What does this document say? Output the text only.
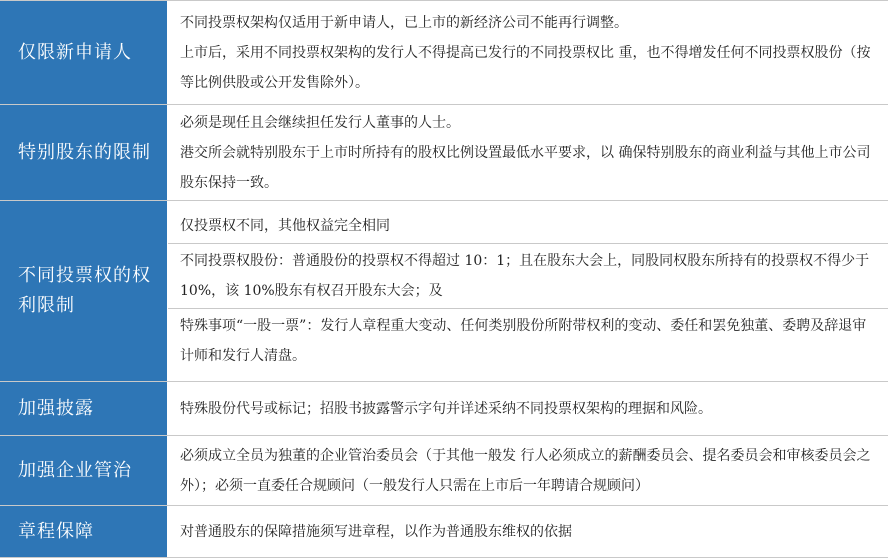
仅限新申请人

不同投票权架构仅适用于新申请人，已上市的新经济公司不能再行调整。

上市后，采用不同投票权架构的发行人不得提高已发行的不同投票权比 重，也不得增发任何不同投票权股份（按等比例供股或公开发售除外）。

特别股东的限制

必须是现任且会继续担任发行人董事的人士。

港交所会就特别股东于上市时所持有的股权比例设置最低水平要求，以 确保特别股东的商业利益与其他上市公司股东保持一致。

不同投票权的权利限制

仅投票权不同，其他权益完全相同

不同投票权股份：普通股份的投票权不得超过 10：1；且在股东大会上，同股同权股东所持有的投票权不得少于 10%，该 10%股东有权召开股东大会；及

特殊事项“一股一票”：发行人章程重大变动、任何类别股份所附带权利的变动、委任和罢免独董、委聘及辞退审计师和发行人清盘。

加强披露	特殊股份代号或标记；招股书披露警示字句并详述采纳不同投票权架构的理据和风险。

加强企业管治

必须成立全员为独董的企业管治委员会（于其他一般发 行人必须成立的薪酬委员会、提名委员会和审核委员会之外）；必须一直委任合规顾问（一般发行人只需在上市后一年聘请合规顾问）

章程保障	对普通股东的保障措施须写进章程，以作为普通股东维权的依据
